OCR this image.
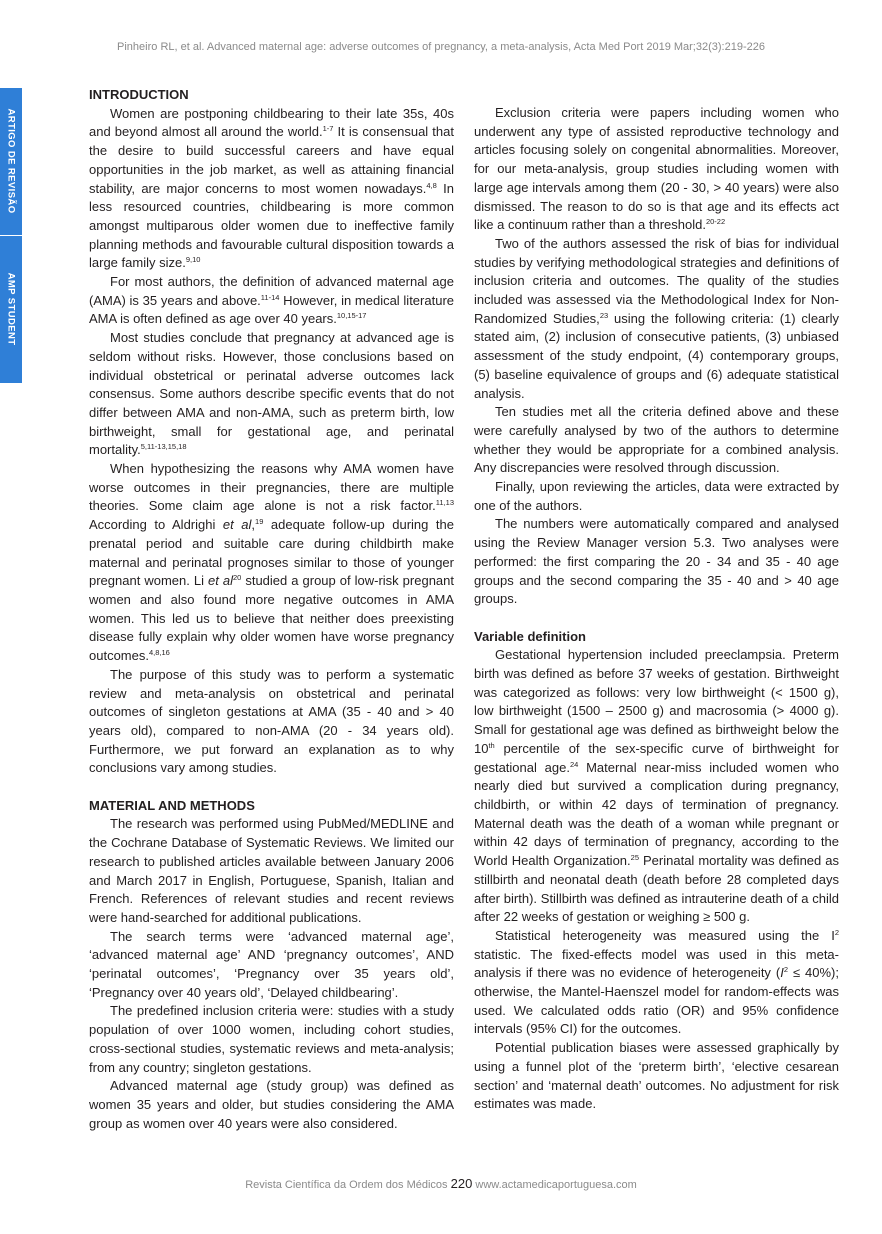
Pinheiro RL, et al. Advanced maternal age: adverse outcomes of pregnancy, a meta-analysis, Acta Med Port 2019 Mar;32(3):219-226
ARTIGO DE REVISÃO
AMP STUDENT
INTRODUCTION

Women are postponing childbearing to their late 35s, 40s and beyond almost all around the world.$^{1-7}$ It is consensual that the desire to build successful careers and have equal opportunities in the job market, as well as attaining financial stability, are major concerns to most women nowadays.$^{4,8}$ In less resourced countries, childbearing is more common amongst multiparous older women due to ineffective family planning methods and favourable cultural disposition towards a large family size.$^{9,10}$

For most authors, the definition of advanced maternal age (AMA) is 35 years and above.$^{11-14}$ However, in medical literature AMA is often defined as age over 40 years.$^{10,15-17}$

Most studies conclude that pregnancy at advanced age is seldom without risks. However, those conclusions based on individual obstetrical or perinatal adverse outcomes lack consensus. Some authors describe specific events that do not differ between AMA and non-AMA, such as preterm birth, low birthweight, small for gestational age, and perinatal mortality.$^{5,11-13,15,18}$

When hypothesizing the reasons why AMA women have worse outcomes in their pregnancies, there are multiple theories. Some claim age alone is not a risk factor.$^{11,13}$ According to Aldrighi et al,$^{19}$ adequate follow-up during the prenatal period and suitable care during childbirth make maternal and perinatal prognoses similar to those of younger pregnant women. Li et $al^{20}$ studied a group of low-risk pregnant women and also found more negative outcomes in AMA women. This led us to believe that neither does preexisting disease fully explain why older women have worse pregnancy outcomes.$^{4,8,16}$

The purpose of this study was to perform a systematic review and meta-analysis on obstetrical and perinatal outcomes of singleton gestations at AMA (35 - 40 and > 40 years old), compared to non-AMA (20 - 34 years old). Furthermore, we put forward an explanation as to why conclusions vary among studies.

MATERIAL AND METHODS

The research was performed using PubMed/MEDLINE and the Cochrane Database of Systematic Reviews. We limited our research to published articles available between January 2006 and March 2017 in English, Portuguese, Spanish, Italian and French. References of relevant studies and recent reviews were hand-searched for additional publications.

The search terms were ‘advanced maternal age’, ‘advanced maternal age’ AND ‘pregnancy outcomes’, AND ‘perinatal outcomes’, ‘Pregnancy over 35 years old’, ‘Pregnancy over 40 years old’, ‘Delayed childbearing’.

The predefined inclusion criteria were: studies with a study population of over 1000 women, including cohort studies, cross-sectional studies, systematic reviews and meta-analysis; from any country; singleton gestations.

Advanced maternal age (study group) was defined as women 35 years and older, but studies considering the AMA group as women over 40 years were also considered.

Exclusion criteria were papers including women who underwent any type of assisted reproductive technology and articles focusing solely on congenital abnormalities. Moreover, for our meta-analysis, group studies including women with large age intervals among them (20 - 30, > 40 years) were also dismissed. The reason to do so is that age and its effects act like a continuum rather than a threshold.$^{20-22}$

Two of the authors assessed the risk of bias for individual studies by verifying methodological strategies and definitions of inclusion criteria and outcomes. The quality of the studies included was assessed via the Methodological Index for Non-Randomized Studies,$^{23}$ using the following criteria: (1) clearly stated aim, (2) inclusion of consecutive patients, (3) unbiased assessment of the study endpoint, (4) contemporary groups, (5) baseline equivalence of groups and (6) adequate statistical analysis.

Ten studies met all the criteria defined above and these were carefully analysed by two of the authors to determine whether they would be appropriate for a combined analysis. Any discrepancies were resolved through discussion.

Finally, upon reviewing the articles, data were extracted by one of the authors.

The numbers were automatically compared and analysed using the Review Manager version 5.3. Two analyses were performed: the first comparing the 20 - 34 and 35 - 40 age groups and the second comparing the 35 - 40 and > 40 age groups.

Variable definition

Gestational hypertension included preeclampsia. Preterm birth was defined as before 37 weeks of gestation. Birthweight was categorized as follows: very low birthweight (< 1500 g), low birthweight (1500 – 2500 g) and macrosomia (> 4000 g). Small for gestational age was defined as birthweight below the 10th percentile of the sex-specific curve of birthweight for gestational age.$^{24}$ Maternal near-miss included women who nearly died but survived a complication during pregnancy, childbirth, or within 42 days of termination of pregnancy. Maternal death was the death of a woman while pregnant or within 42 days of termination of pregnancy, according to the World Health Organization.$^{25}$ Perinatal mortality was defined as stillbirth and neonatal death (death before 28 completed days after birth). Stillbirth was defined as intrauterine death of a child after 22 weeks of gestation or weighing ≥ 500 g.

Statistical heterogeneity was measured using the $I^2$ statistic. The fixed-effects model was used in this meta-analysis if there was no evidence of heterogeneity $(I^2 \le 40\%)$; otherwise, the Mantel-Haenszel model for random-effects was used. We calculated odds ratio (OR) and 95% confidence intervals (95% CI) for the outcomes.

Potential publication biases were assessed graphically by using a funnel plot of the ‘preterm birth’, ‘elective cesarean section’ and ‘maternal death’ outcomes. No adjustment for risk estimates was made.

Revista Científica da Ordem dos Médicos 220 www.actamedicaportuguesa.com
